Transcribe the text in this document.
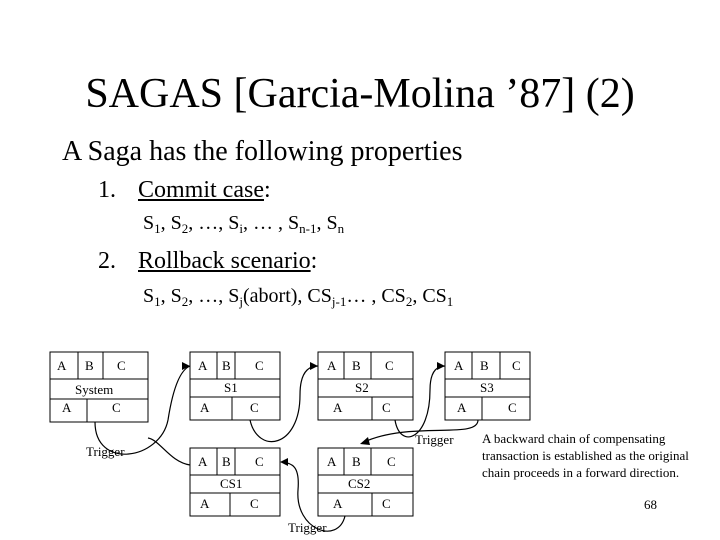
SAGAS [Garcia-Molina ’87] (2)
A Saga has the following properties
1. Commit case:
$S_1$, $S_2$, …, $S_i$, … , $S_{n-1}$, $S_n$
2. Rollback scenario:
$S_1$, $S_2$, …, $S_j(abort)$, $CS_{j-1}\dots$ , $CS_2$, $CS_1$
A B C
System
A	C
A B C
S1
A	C
A B C
S2
A	C
A B C
S3
A	C
A B C
CS1
A	C
A B C
CS2
A	C
Trigger
Trigger
Trigger
A backward chain of compensating transaction is established as the original chain proceeds in a forward direction.
68
